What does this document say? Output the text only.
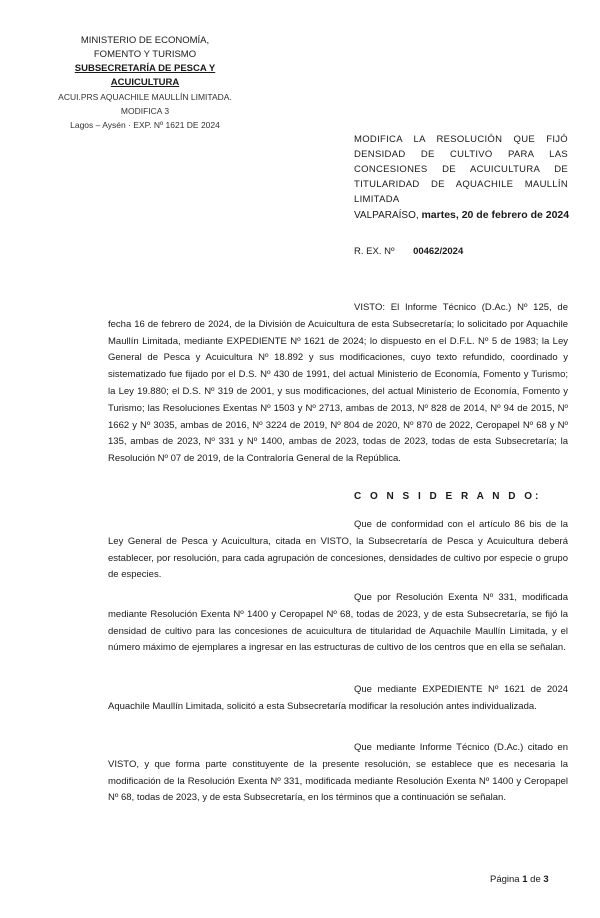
MINISTERIO DE ECONOMÍA,
FOMENTO Y TURISMO
SUBSECRETARÍA DE PESCA Y ACUICULTURA
ACUI.PRS AQUACHILE MAULLÍN LIMITADA. MODIFICA 3
Lagos – Aysén · EXP. Nº 1621 DE 2024
MODIFICA LA RESOLUCIÓN QUE FIJÓ DENSIDAD DE CULTIVO PARA LAS CONCESIONES DE ACUICULTURA DE TITULARIDAD DE AQUACHILE MAULLÍN LIMITADA
VALPARAÍSO, martes, 20 de febrero de 2024
R. EX. Nº 00462/2024
VISTO: El Informe Técnico (D.Ac.) Nº 125, de fecha 16 de febrero de 2024, de la División de Acuicultura de esta Subsecretaría; lo solicitado por Aquachile Maullín Limitada, mediante EXPEDIENTE Nº 1621 de 2024; lo dispuesto en el D.F.L. Nº 5 de 1983; la Ley General de Pesca y Acuicultura Nº 18.892 y sus modificaciones, cuyo texto refundido, coordinado y sistematizado fue fijado por el D.S. Nº 430 de 1991, del actual Ministerio de Economía, Fomento y Turismo; la Ley 19.880; el D.S. Nº 319 de 2001, y sus modificaciones, del actual Ministerio de Economía, Fomento y Turismo; las Resoluciones Exentas Nº 1503 y Nº 2713, ambas de 2013, Nº 828 de 2014, Nº 94 de 2015, Nº 1662 y Nº 3035, ambas de 2016, Nº 3224 de 2019, Nº 804 de 2020, Nº 870 de 2022, Ceropapel Nº 68 y Nº 135, ambas de 2023, Nº 331 y Nº 1400, ambas de 2023, todas de 2023, todas de esta Subsecretaría; la Resolución Nº 07 de 2019, de la Contraloría General de la República.
C O N S I D E R A N D O:
Que de conformidad con el artículo 86 bis de la Ley General de Pesca y Acuicultura, citada en VISTO, la Subsecretaría de Pesca y Acuicultura deberá establecer, por resolución, para cada agrupación de concesiones, densidades de cultivo por especie o grupo de especies.
Que por Resolución Exenta Nº 331, modificada mediante Resolución Exenta Nº 1400 y Ceropapel Nº 68, todas de 2023, y de esta Subsecretaría, se fijó la densidad de cultivo para las concesiones de acuicultura de titularidad de Aquachile Maullín Limitada, y el número máximo de ejemplares a ingresar en las estructuras de cultivo de los centros que en ella se señalan.
Que mediante EXPEDIENTE Nº 1621 de 2024 Aquachile Maullín Limitada, solicitó a esta Subsecretaría modificar la resolución antes individualizada.
Que mediante Informe Técnico (D.Ac.) citado en VISTO, y que forma parte constituyente de la presente resolución, se establece que es necesaria la modificación de la Resolución Exenta Nº 331, modificada mediante Resolución Exenta Nº 1400 y Ceropapel Nº 68, todas de 2023, y de esta Subsecretaría, en los términos que a continuación se señalan.
Página 1 de 3
